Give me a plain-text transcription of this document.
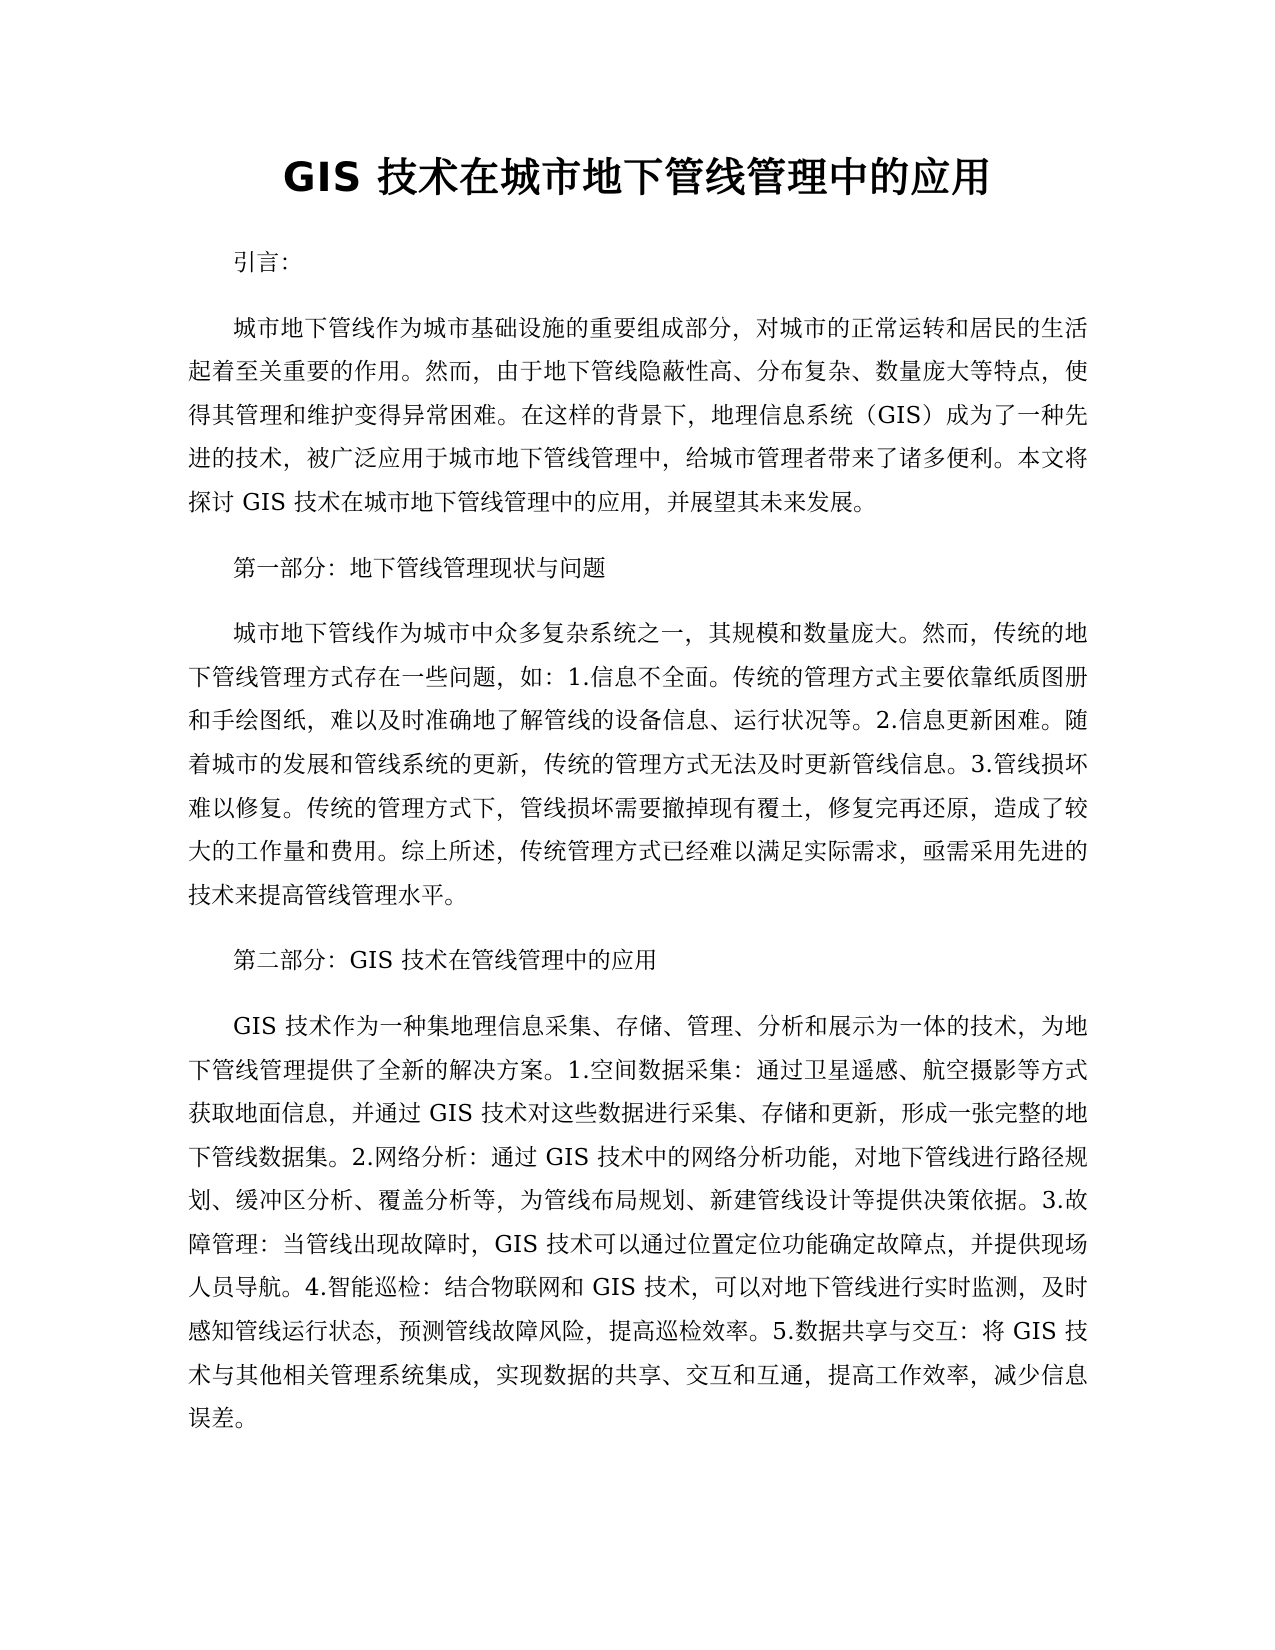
GIS 技术在城市地下管线管理中的应用

引言：

城市地下管线作为城市基础设施的重要组成部分，对城市的正常运转和居民的生活起着至关重要的作用。然而，由于地下管线隐蔽性高、分布复杂、数量庞大等特点，使得其管理和维护变得异常困难。在这样的背景下，地理信息系统（GIS）成为了一种先进的技术，被广泛应用于城市地下管线管理中，给城市管理者带来了诸多便利。本文将探讨 GIS 技术在城市地下管线管理中的应用，并展望其未来发展。

第一部分：地下管线管理现状与问题

城市地下管线作为城市中众多复杂系统之一，其规模和数量庞大。然而，传统的地下管线管理方式存在一些问题，如：1.信息不全面。传统的管理方式主要依靠纸质图册和手绘图纸，难以及时准确地了解管线的设备信息、运行状况等。2.信息更新困难。随着城市的发展和管线系统的更新，传统的管理方式无法及时更新管线信息。3.管线损坏难以修复。传统的管理方式下，管线损坏需要撤掉现有覆土，修复完再还原，造成了较大的工作量和费用。综上所述，传统管理方式已经难以满足实际需求，亟需采用先进的技术来提高管线管理水平。

第二部分：GIS 技术在管线管理中的应用

GIS 技术作为一种集地理信息采集、存储、管理、分析和展示为一体的技术，为地下管线管理提供了全新的解决方案。1.空间数据采集：通过卫星遥感、航空摄影等方式获取地面信息，并通过 GIS 技术对这些数据进行采集、存储和更新，形成一张完整的地下管线数据集。2.网络分析：通过 GIS 技术中的网络分析功能，对地下管线进行路径规划、缓冲区分析、覆盖分析等，为管线布局规划、新建管线设计等提供决策依据。3.故障管理：当管线出现故障时，GIS 技术可以通过位置定位功能确定故障点，并提供现场人员导航。4.智能巡检：结合物联网和 GIS 技术，可以对地下管线进行实时监测，及时感知管线运行状态，预测管线故障风险，提高巡检效率。5.数据共享与交互：将 GIS 技术与其他相关管理系统集成，实现数据的共享、交互和互通，提高工作效率，减少信息误差。
